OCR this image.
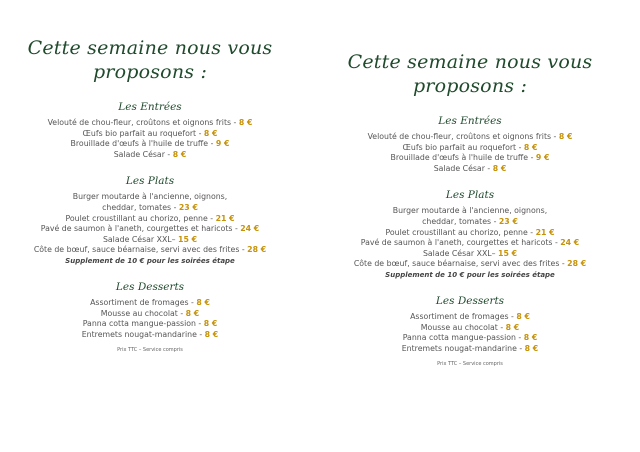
Cette semaine nous vous
proposons :
Les Entrées
Velouté de chou-fleur, croûtons et oignons frits - 8 €
Œufs bio parfait au roquefort - 8 €
Brouillade d'œufs à l'huile de truffe - 9 €
Salade César - 8 €
Les Plats
Burger moutarde à l'ancienne, oignons,
cheddar, tomates - 23 €
Poulet croustillant au chorizo, penne - 21 €
Pavé de saumon à l'aneth, courgettes et haricots - 24 €
Salade César XXL– 15 €
Côte de bœuf, sauce béarnaise, servi avec des frites - 28 €
Supplement de 10 € pour les soirées étape
Les Desserts
Assortiment de fromages - 8 €
Mousse au chocolat - 8 €
Panna cotta mangue-passion - 8 €
Entremets nougat-mandarine - 8 €
Prix TTC – Service compris
Cette semaine nous vous
proposons :
Les Entrées
Velouté de chou-fleur, croûtons et oignons frits - 8 €
Œufs bio parfait au roquefort - 8 €
Brouillade d'œufs à l'huile de truffe - 9 €
Salade César - 8 €
Les Plats
Burger moutarde à l'ancienne, oignons,
cheddar, tomates - 23 €
Poulet croustillant au chorizo, penne - 21 €
Pavé de saumon à l'aneth, courgettes et haricots - 24 €
Salade César XXL– 15 €
Côte de bœuf, sauce béarnaise, servi avec des frites - 28 €
Supplement de 10 € pour les soirées étape
Les Desserts
Assortiment de fromages - 8 €
Mousse au chocolat - 8 €
Panna cotta mangue-passion - 8 €
Entremets nougat-mandarine - 8 €
Prix TTC – Service compris
